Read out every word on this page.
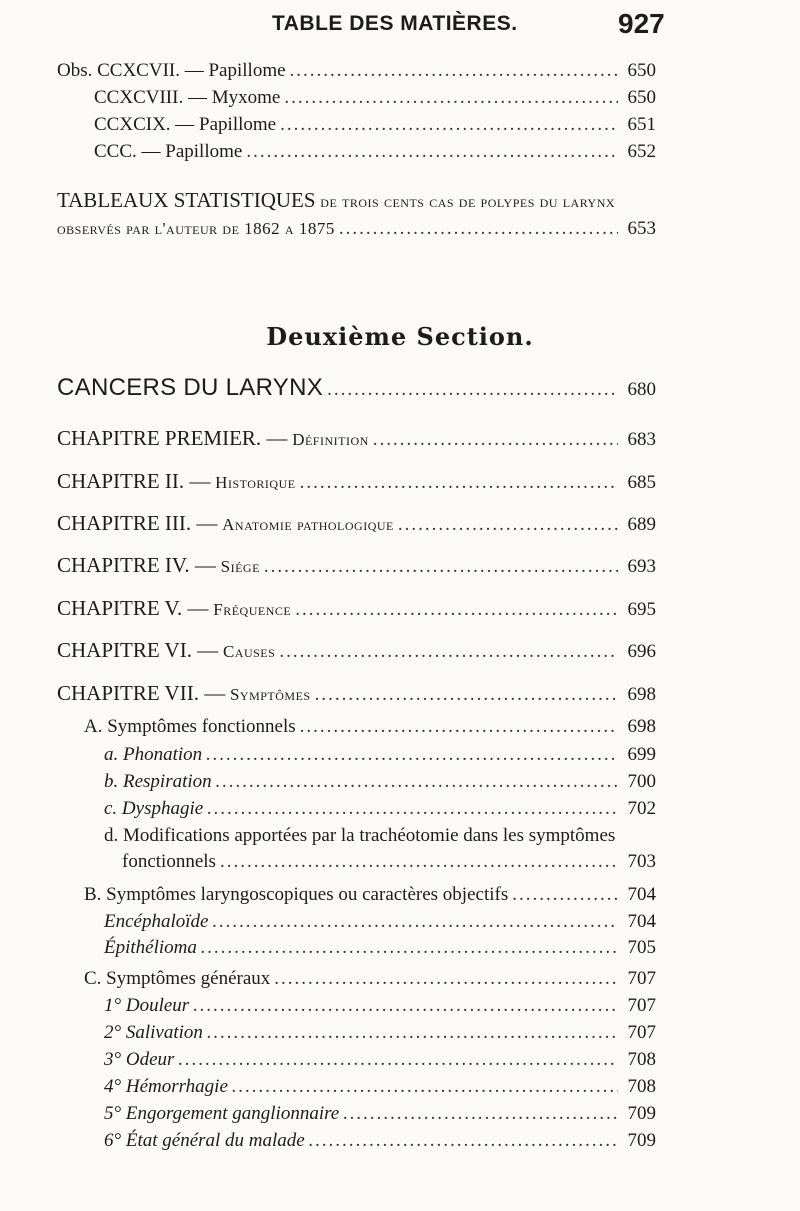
TABLE DES MATIÈRES.	927
Obs. CCXCVII. — Papillome .....	650
CCXCVIII. — Myxome .....	650
CCXCIX. — Papillome .....	651
CCC. — Papillome .....	652
TABLEAUX STATISTIQUES de trois cents cas de polypes du larynx
observés par l'auteur de 1862 a 1875 .....	653
Deuxième Section.
CANCERS DU LARYNX .....	680
CHAPITRE PREMIER. — Définition .....	683
CHAPITRE II. — Historique .....	685
CHAPITRE III. — Anatomie pathologique .....	689
CHAPITRE IV. — Siége .....	693
CHAPITRE V. — Fréquence .....	695
CHAPITRE VI. — Causes .....	696
CHAPITRE VII. — Symptômes .....	698
A. Symptômes fonctionnels .....	698
a. Phonation .....	699
b. Respiration .....	700
c. Dysphagie .....	702
d. Modifications apportées par la trachéotomie dans les symptômes
fonctionnels .....	703
B. Symptômes laryngoscopiques ou caractères objectifs .....	704
Encéphaloïde .....	704
Épithélioma .....	705
C. Symptômes généraux .....	707
1° Douleur .....	707
2° Salivation .....	707
3° Odeur .....	708
4° Hémorrhagie .....	708
5° Engorgement ganglionnaire .....	709
6° État général du malade .....	709
